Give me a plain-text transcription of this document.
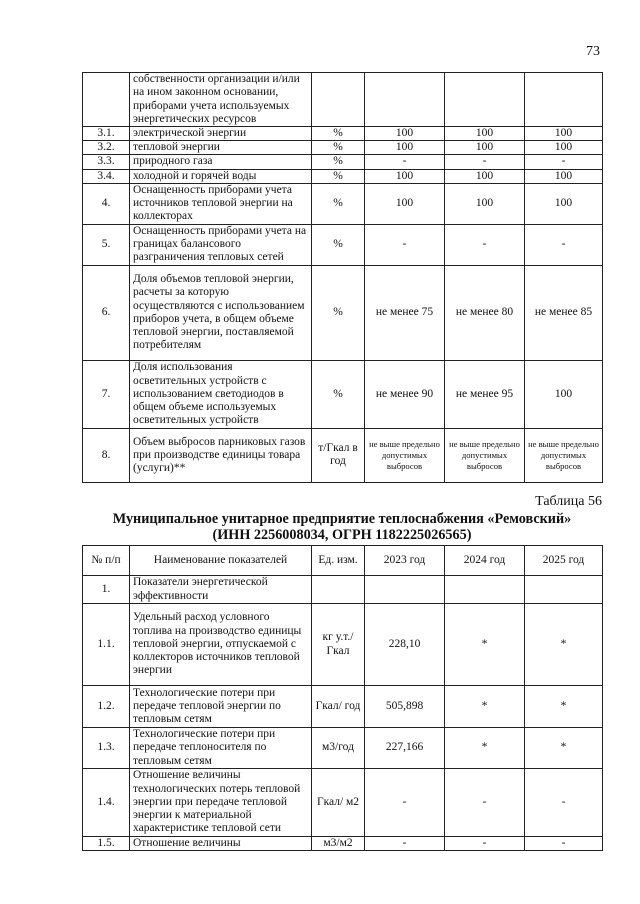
73
	собственности организации и/или на ином законном основании, приборами учета используемых энергетических ресурсов				
3.1.	электрической энергии	%	100	100	100
3.2.	тепловой энергии	%	100	100	100
3.3.	природного газа	%	-	-	-
3.4.	холодной и горячей воды	%	100	100	100
4.	Оснащенность приборами учета источников тепловой энергии на коллекторах	%	100	100	100
5.	Оснащенность приборами учета на границах балансового разграничения тепловых сетей	%	-	-	-
6.	Доля объемов тепловой энергии, расчеты за которую осуществляются с использованием приборов учета, в общем объеме тепловой энергии, поставляемой потребителям	%	не менее 75	не менее 80	не менее 85
7.	Доля использования осветительных устройств с использованием светодиодов в общем объеме используемых осветительных устройств	%	не менее 90	не менее 95	100
8.	Объем выбросов парниковых газов при производстве единицы товара (услуги)**	т/Гкал в год	не выше предельно допустимых выбросов	не выше предельно допустимых выбросов	не выше предельно допустимых выбросов
Таблица 56
Муниципальное унитарное предприятие теплоснабжения «Ремовский»
(ИНН 2256008034, ОГРН 1182225026565)
№ п/п	Наименование показателей	Ед. изм.	2023 год	2024 год	2025 год
1.	Показатели энергетической эффективности				
1.1.	Удельный расход условного топлива на производство единицы тепловой энергии, отпускаемой с коллекторов источников тепловой энергии	кг у.т./ Гкал	228,10	*	*
1.2.	Технологические потери при передаче тепловой энергии по тепловым сетям	Гкал/ год	505,898	*	*
1.3.	Технологические потери при передаче теплоносителя по тепловым сетям	м3/год	227,166	*	*
1.4.	Отношение величины технологических потерь тепловой энергии при передаче тепловой энергии к материальной характеристике тепловой сети	Гкал/ м2	-	-	-
1.5.	Отношение величины	м3/м2	-	-	-
